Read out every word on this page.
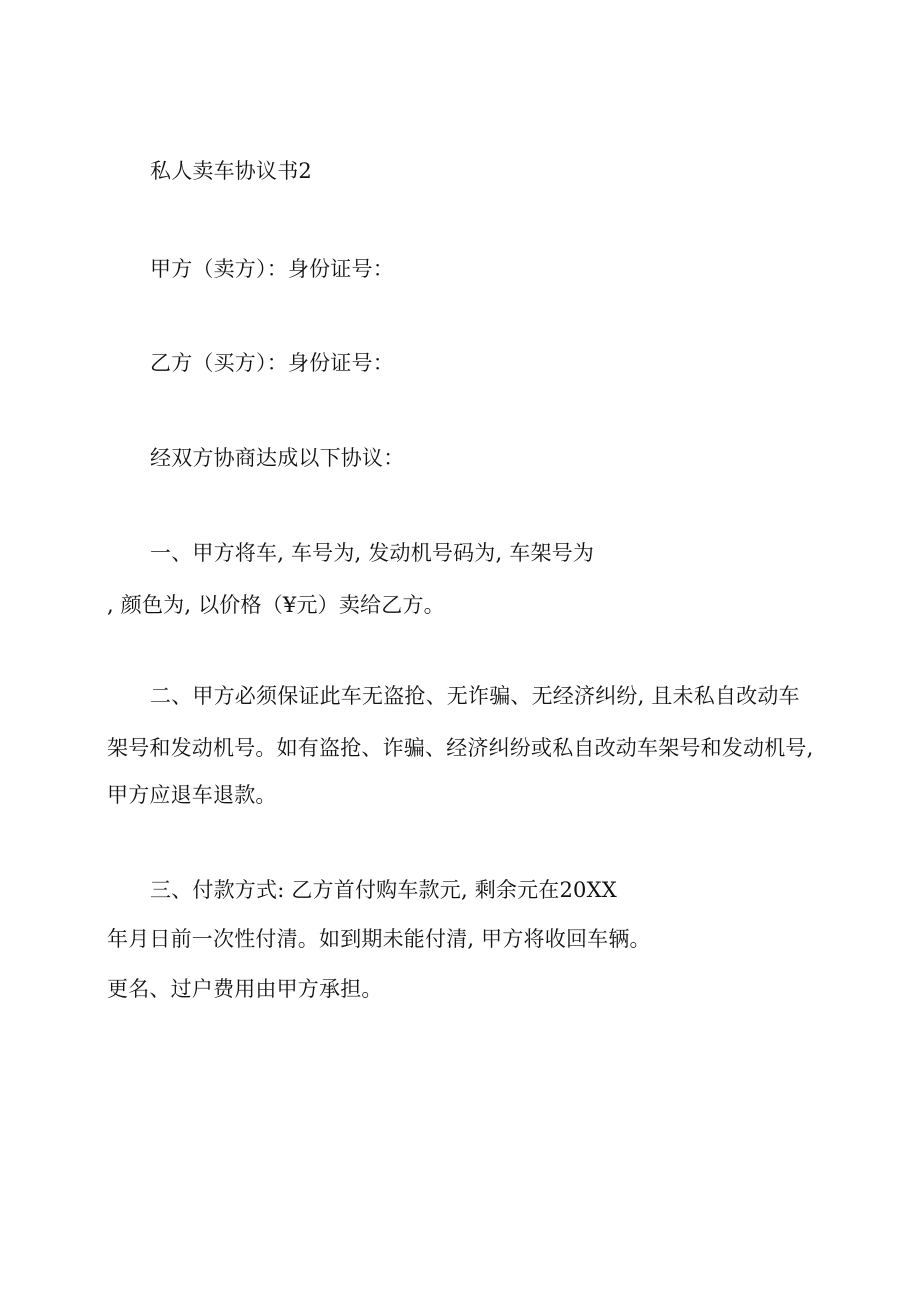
私人卖车协议书2
甲方（卖方）：身份证号：
乙方（买方）：身份证号：
经双方协商达成以下协议：
一、甲方将车, 车号为, 发动机号码为, 车架号为
, 颜色为, 以价格（¥元）卖给乙方。
二、甲方必须保证此车无盗抢、无诈骗、无经济纠纷, 且未私自改动车
架号和发动机号。如有盗抢、诈骗、经济纠纷或私自改动车架号和发动机号,
甲方应退车退款。
三、付款方式: 乙方首付购车款元, 剩余元在20XX
年月日前一次性付清。如到期未能付清, 甲方将收回车辆。
更名、过户费用由甲方承担。
